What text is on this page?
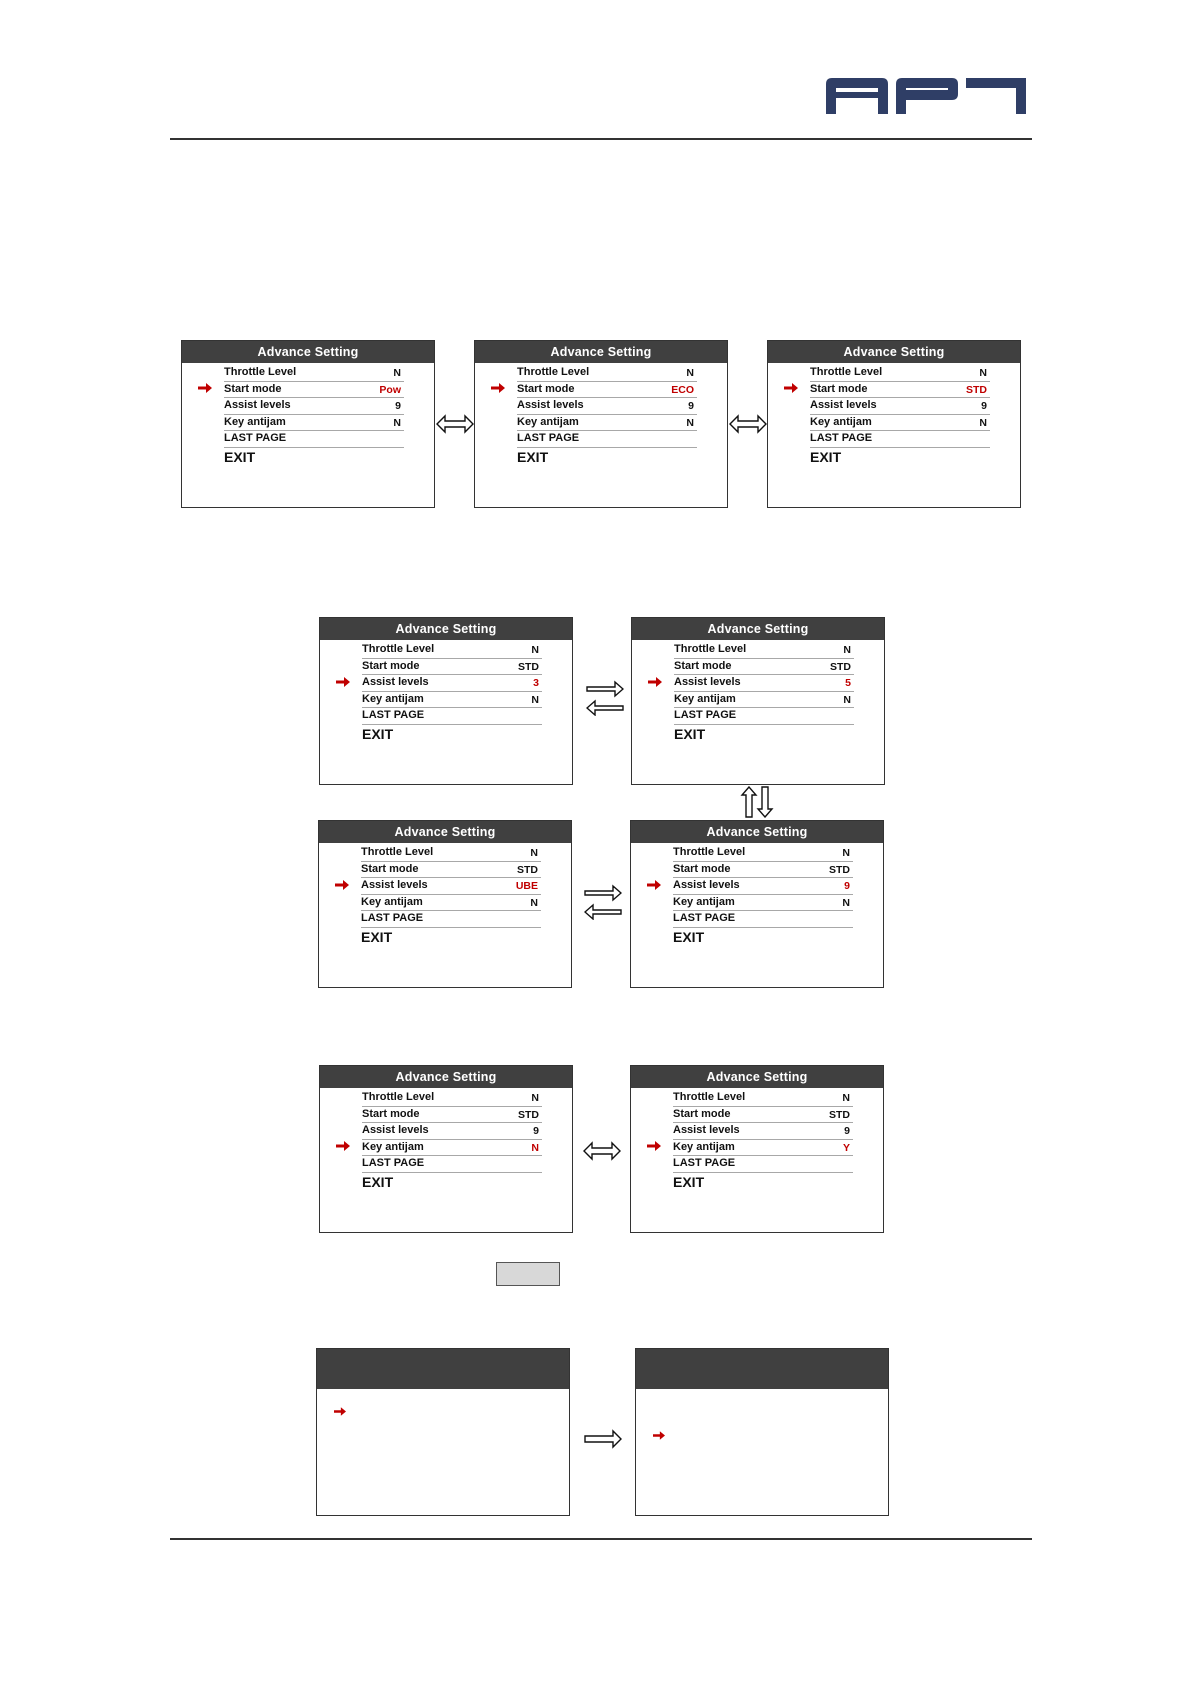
Advance Setting
Throttle Level	N
Start mode	Pow
Assist levels	9
Key antijam	N
LAST PAGE
EXIT
Advance Setting
Throttle Level	N
Start mode	ECO
Assist levels	9
Key antijam	N
LAST PAGE
EXIT
Advance Setting
Throttle Level	N
Start mode	STD
Assist levels	9
Key antijam	N
LAST PAGE
EXIT
Advance Setting
Throttle Level	N
Start mode	STD
Assist levels	3
Key antijam	N
LAST PAGE
EXIT
Advance Setting
Throttle Level	N
Start mode	STD
Assist levels	5
Key antijam	N
LAST PAGE
EXIT
Advance Setting
Throttle Level	N
Start mode	STD
Assist levels	UBE
Key antijam	N
LAST PAGE
EXIT
Advance Setting
Throttle Level	N
Start mode	STD
Assist levels	9
Key antijam	N
LAST PAGE
EXIT
Advance Setting
Throttle Level	N
Start mode	STD
Assist levels	9
Key antijam	N
LAST PAGE
EXIT
Advance Setting
Throttle Level	N
Start mode	STD
Assist levels	9
Key antijam	Y
LAST PAGE
EXIT
